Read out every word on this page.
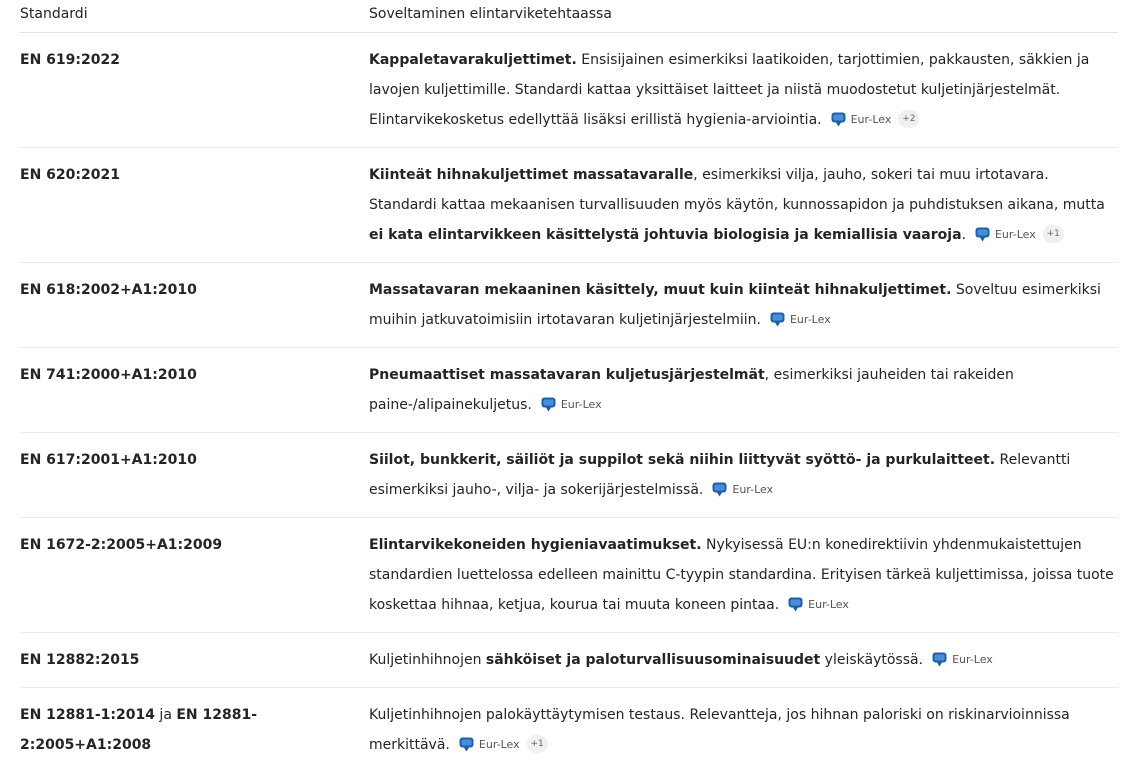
Standardi	Soveltaminen elintarviketehtaassa

EN 619:2022	Kappaletavarakuljettimet. Ensisijainen esimerkiksi laatikoiden, tarjottimien, pakkausten, säkkien ja lavojen kuljettimille. Standardi kattaa yksittäiset laitteet ja niistä muodostetut kuljetinjärjestelmät. Elintarvikekosketus edellyttää lisäksi erillistä hygienia-arviointia. Eur-Lex +2

EN 620:2021	Kiinteät hihnakuljettimet massatavaralle, esimerkiksi vilja, jauho, sokeri tai muu irtotavara. Standardi kattaa mekaanisen turvallisuuden myös käytön, kunnossapidon ja puhdistuksen aikana, mutta ei kata elintarvikkeen käsittelystä johtuvia biologisia ja kemiallisia vaaroja. Eur-Lex +1

EN 618:2002+A1:2010	Massatavaran mekaaninen käsittely, muut kuin kiinteät hihnakuljettimet. Soveltuu esimerkiksi muihin jatkuvatoimisiin irtotavaran kuljetinjärjestelmiin. Eur-Lex

EN 741:2000+A1:2010	Pneumaattiset massatavaran kuljetusjärjestelmät, esimerkiksi jauheiden tai rakeiden paine-/alipainekuljetus. Eur-Lex

EN 617:2001+A1:2010	Siilot, bunkkerit, säiliöt ja suppilot sekä niihin liittyvät syöttö- ja purkulaitteet. Relevantti esimerkiksi jauho-, vilja- ja sokerijärjestelmissä. Eur-Lex

EN 1672-2:2005+A1:2009	Elintarvikekoneiden hygieniavaatimukset. Nykyisessä EU:n konedirektiivin yhdenmukaistettujen standardien luettelossa edelleen mainittu C-tyypin standardina. Erityisen tärkeä kuljettimissa, joissa tuote koskettaa hihnaa, ketjua, kourua tai muuta koneen pintaa. Eur-Lex

EN 12882:2015	Kuljetinhihnojen sähköiset ja paloturvallisuusominaisuudet yleiskäytössä. Eur-Lex

EN 12881-1:2014 ja EN 12881-2:2005+A1:2008	Kuljetinhihnojen palokäyttäytymisen testaus. Relevantteja, jos hihnan paloriski on riskinarvioinnissa merkittävä. Eur-Lex +1
